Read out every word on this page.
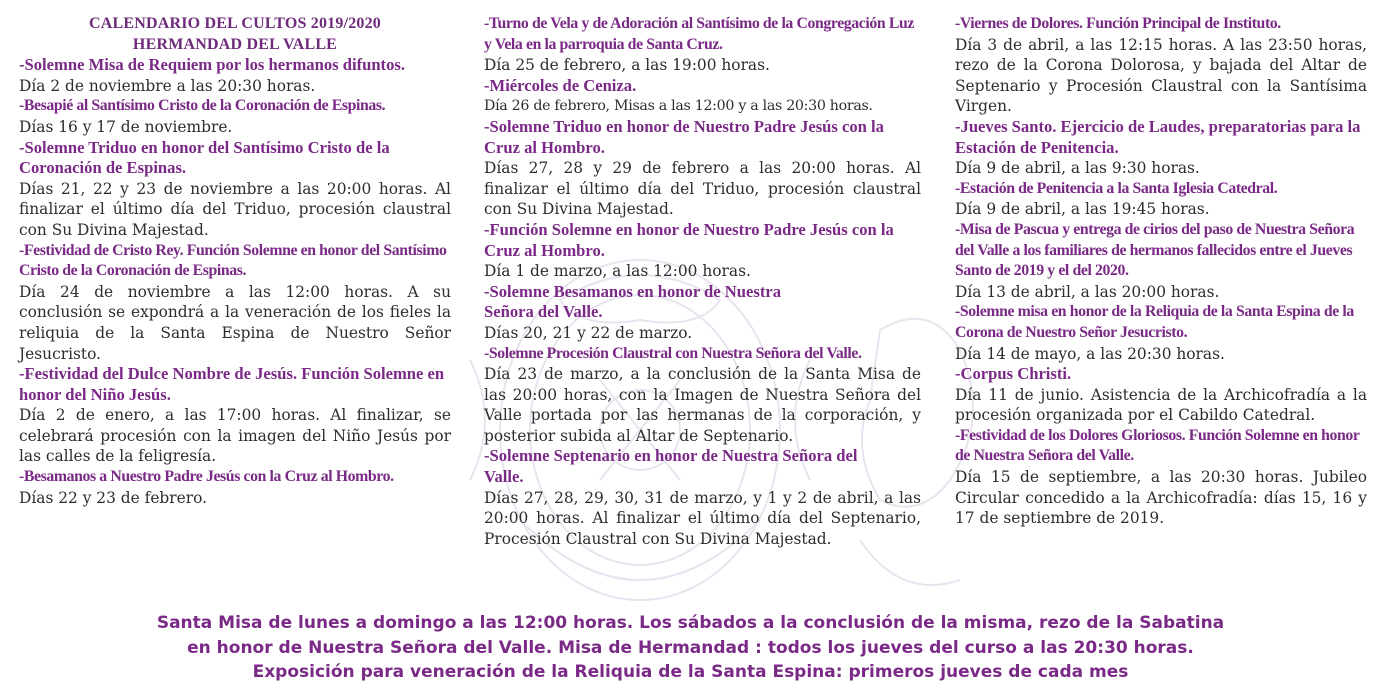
CALENDARIO DEL CULTOS 2019/2020
HERMANDAD DEL VALLE
-Solemne Misa de Requiem por los hermanos difuntos.
Día 2 de noviembre a las 20:30 horas.
-Besapié al Santísimo Cristo de la Coronación de Espinas.
Días 16 y 17 de noviembre.
-Solemne Triduo en honor del Santísimo Cristo de la Coronación de Espinas.
Días 21, 22 y 23 de noviembre a las 20:00 horas. Al finalizar el último día del Triduo, procesión claustral con Su Divina Majestad.
-Festividad de Cristo Rey. Función Solemne en honor del Santísimo Cristo de la Coronación de Espinas.
Día 24 de noviembre a las 12:00 horas. A su conclusión se expondrá a la veneración de los fieles la reliquia de la Santa Espina de Nuestro Señor Jesucristo.
-Festividad del Dulce Nombre de Jesús. Función Solemne en honor del Niño Jesús.
Día 2 de enero, a las 17:00 horas. Al finalizar, se celebrará procesión con la imagen del Niño Jesús por las calles de la feligresía.
-Besamanos a Nuestro Padre Jesús con la Cruz al Hombro.
Días 22 y 23 de febrero.
-Turno de Vela y de Adoración al Santísimo de la Congregación Luz y Vela en la parroquia de Santa Cruz.
Día 25 de febrero, a las 19:00 horas.
-Miércoles de Ceniza.
Día 26 de febrero, Misas a las 12:00 y a las 20:30 horas.
-Solemne Triduo en honor de Nuestro Padre Jesús con la Cruz al Hombro.
Días 27, 28 y 29 de febrero a las 20:00 horas. Al finalizar el último día del Triduo, procesión claustral con Su Divina Majestad.
-Función Solemne en honor de Nuestro Padre Jesús con la Cruz al Hombro.
Día 1 de marzo, a las 12:00 horas.
-Solemne Besamanos en honor de Nuestra Señora del Valle.
Días 20, 21 y 22 de marzo.
-Solemne Procesión Claustral con Nuestra Señora del Valle.
Día 23 de marzo, a la conclusión de la Santa Misa de las 20:00 horas, con la Imagen de Nuestra Señora del Valle portada por las hermanas de la corporación, y posterior subida al Altar de Septenario.
-Solemne Septenario en honor de Nuestra Señora del Valle.
Días 27, 28, 29, 30, 31 de marzo, y 1 y 2 de abril, a las 20:00 horas. Al finalizar el último día del Septenario, Procesión Claustral con Su Divina Majestad.
-Viernes de Dolores. Función Principal de Instituto.
Día 3 de abril, a las 12:15 horas. A las 23:50 horas, rezo de la Corona Dolorosa, y bajada del Altar de Septenario y Procesión Claustral con la Santísima Virgen.
-Jueves Santo. Ejercicio de Laudes, preparatorias para la Estación de Penitencia.
Día 9 de abril, a las 9:30 horas.
-Estación de Penitencia a la Santa Iglesia Catedral.
Día 9 de abril, a las 19:45 horas.
-Misa de Pascua y entrega de cirios del paso de Nuestra Señora del Valle a los familiares de hermanos fallecidos entre el Jueves Santo de 2019 y el del 2020.
Día 13 de abril, a las 20:00 horas.
-Solemne misa en honor de la Reliquia de la Santa Espina de la Corona de Nuestro Señor Jesucristo.
Día 14 de mayo, a las 20:30 horas.
-Corpus Christi.
Día 11 de junio. Asistencia de la Archicofradía a la procesión organizada por el Cabildo Catedral.
-Festividad de los Dolores Gloriosos. Función Solemne en honor de Nuestra Señora del Valle.
Día 15 de septiembre, a las 20:30 horas. Jubileo Circular concedido a la Archicofradía: días 15, 16 y 17 de septiembre de 2019.
Santa Misa de lunes a domingo a las 12:00 horas. Los sábados a la conclusión de la misma, rezo de la Sabatina
en honor de Nuestra Señora del Valle. Misa de Hermandad : todos los jueves del curso a las 20:30 horas.
Exposición para veneración de la Reliquia de la Santa Espina: primeros jueves de cada mes
